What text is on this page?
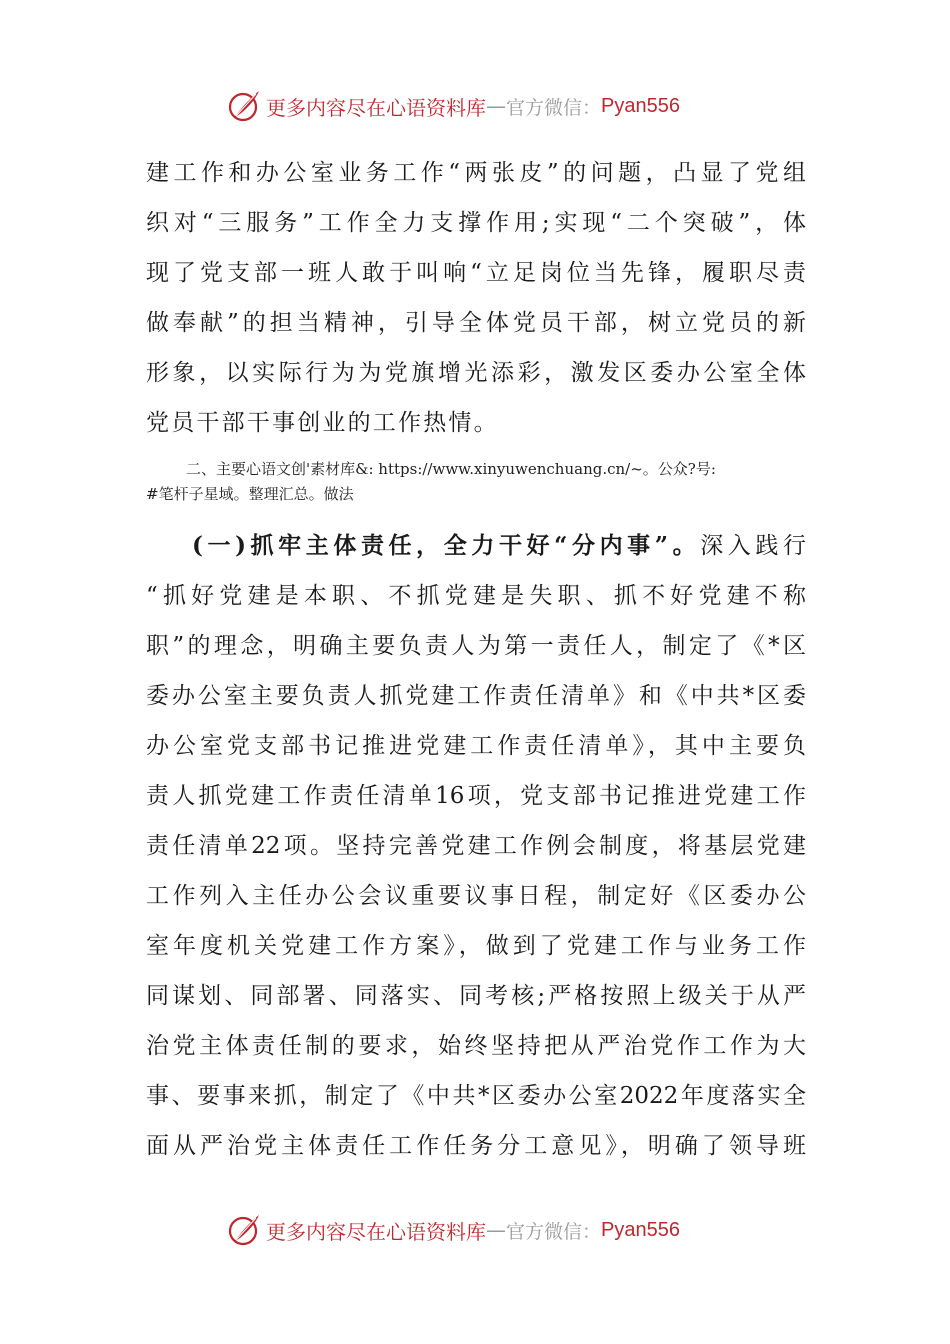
更多内容尽在心语资料库 — 官方微信： Pyan556
建工作和办公室业务工作“两张皮”的问题，凸显了党组
织对“三服务”工作全力支撑作用;实现“二个突破”，体
现了党支部一班人敢于叫响“立足岗位当先锋，履职尽责
做奉献”的担当精神，引导全体党员干部，树立党员的新
形象，以实际行为为党旗增光添彩，激发区委办公室全体
党员干部干事创业的工作热情。
二、主要心语文创'素材库&: https://www.xinyuwenchuang.cn/~。公众?号:
#笔杆子星域。整理汇总。做法
(一)抓牢主体责任，全力干好“分内事”。深入践行
“抓好党建是本职、不抓党建是失职、抓不好党建不称
职”的理念，明确主要负责人为第一责任人，制定了《*区
委办公室主要负责人抓党建工作责任清单》和《中共*区委
办公室党支部书记推进党建工作责任清单》，其中主要负
责人抓党建工作责任清单16项，党支部书记推进党建工作
责任清单22项。坚持完善党建工作例会制度，将基层党建
工作列入主任办公会议重要议事日程，制定好《区委办公
室年度机关党建工作方案》，做到了党建工作与业务工作
同谋划、同部署、同落实、同考核;严格按照上级关于从严
治党主体责任制的要求，始终坚持把从严治党作工作为大
事、要事来抓，制定了《中共*区委办公室2022年度落实全
面从严治党主体责任工作任务分工意见》，明确了领导班
更多内容尽在心语资料库 — 官方微信： Pyan556
